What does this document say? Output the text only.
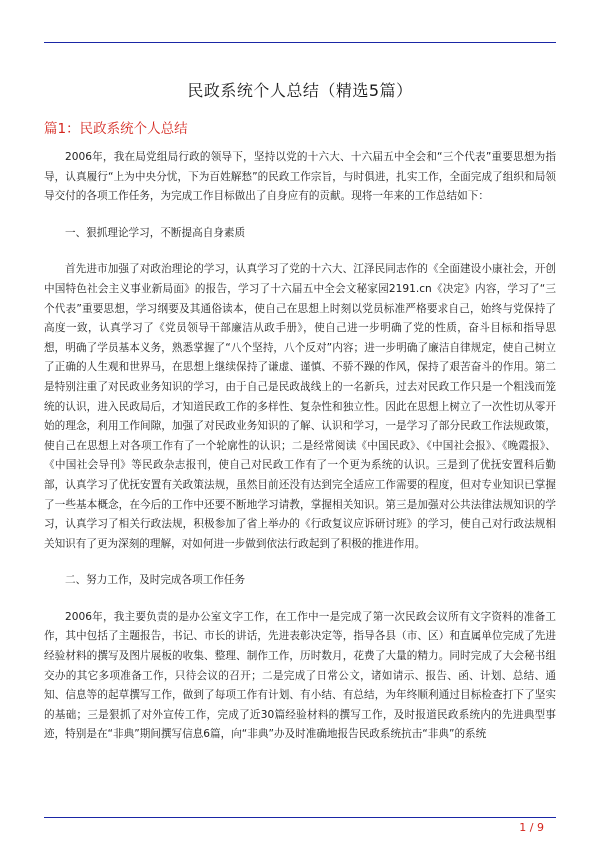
民政系统个人总结（精选5篇）
篇1：民政系统个人总结

2006年，我在局党组局行政的领导下，坚持以党的十六大、十六届五中全会和“三个代表”重要思想为指导，认真履行“上为中央分忧，下为百姓解愁”的民政工作宗旨，与时俱进，扎实工作，全面完成了组织和局领导交付的各项工作任务，为完成工作目标做出了自身应有的贡献。现将一年来的工作总结如下：

一、狠抓理论学习，不断提高自身素质

首先进市加强了对政治理论的学习，认真学习了党的十六大、江泽民同志作的《全面建设小康社会，开创中国特色社会主义事业新局面》的报告，学习了十六届五中全会文秘家园2191.cn《决定》内容，学习了“三个代表”重要思想，学习纲要及其通俗读本，使自己在思想上时刻以党员标准严格要求自己，始终与党保持了高度一致，认真学习了《党员领导干部廉洁从政手册》，使自己进一步明确了党的性质，奋斗目标和指导思想，明确了学员基本义务，熟悉掌握了“八个坚持，八个反对”内容；进一步明确了廉洁自律规定，使自己树立了正确的人生观和世界马，在思想上继续保持了谦虚、谨慎、不骄不躁的作风，保持了艰苦奋斗的作用。第二是特别注重了对民政业务知识的学习，由于自己是民政战线上的一名新兵，过去对民政工作只是一个粗浅而笼统的认识，进入民政局后，才知道民政工作的多样性、复杂性和独立性。因此在思想上树立了一次性切从零开始的理念，利用工作间隙，加强了对民政业务知识的了解、认识和学习，一是学习了部分民政工作法规政策，使自己在思想上对各项工作有了一个轮廓性的认识；二是经常阅读《中国民政》、《中国社会报》、《晚霞报》、《中国社会导刊》等民政杂志报刊，使自己对民政工作有了一个更为系统的认识。三是到了优抚安置科后勤部，认真学习了优抚安置有关政策法规，虽然目前还没有达到完全适应工作需要的程度，但对专业知识已掌握了一些基本概念，在今后的工作中还要不断地学习请教，掌握相关知识。第三是加强对公共法律法规知识的学习，认真学习了相关行政法规，积极参加了省上举办的《行政复议应诉研讨班》的学习，使自己对行政法规相关知识有了更为深刻的理解，对如何进一步做到依法行政起到了积极的推进作用。

二、努力工作，及时完成各项工作任务

2006年，我主要负责的是办公室文字工作，在工作中一是完成了第一次民政会议所有文字资料的准备工作，其中包括了主题报告，书记、市长的讲话，先进表彰决定等，指导各县（市、区）和直属单位完成了先进经验材料的撰写及图片展板的收集、整理、制作工作，历时数月，花费了大量的精力。同时完成了大会秘书组交办的其它多项准备工作，只待会议的召开；二是完成了日常公文，诸如请示、报告、函、计划、总结、通知、信息等的起草撰写工作，做到了每项工作有计划、有小结、有总结，为年终顺利通过目标检查打下了坚实的基础；三是狠抓了对外宣传工作，完成了近30篇经验材料的撰写工作，及时报道民政系统内的先进典型事迹，特别是在“非典”期间撰写信息6篇，向“非典”办及时准确地报告民政系统抗击“非典”的系统

1 / 9
